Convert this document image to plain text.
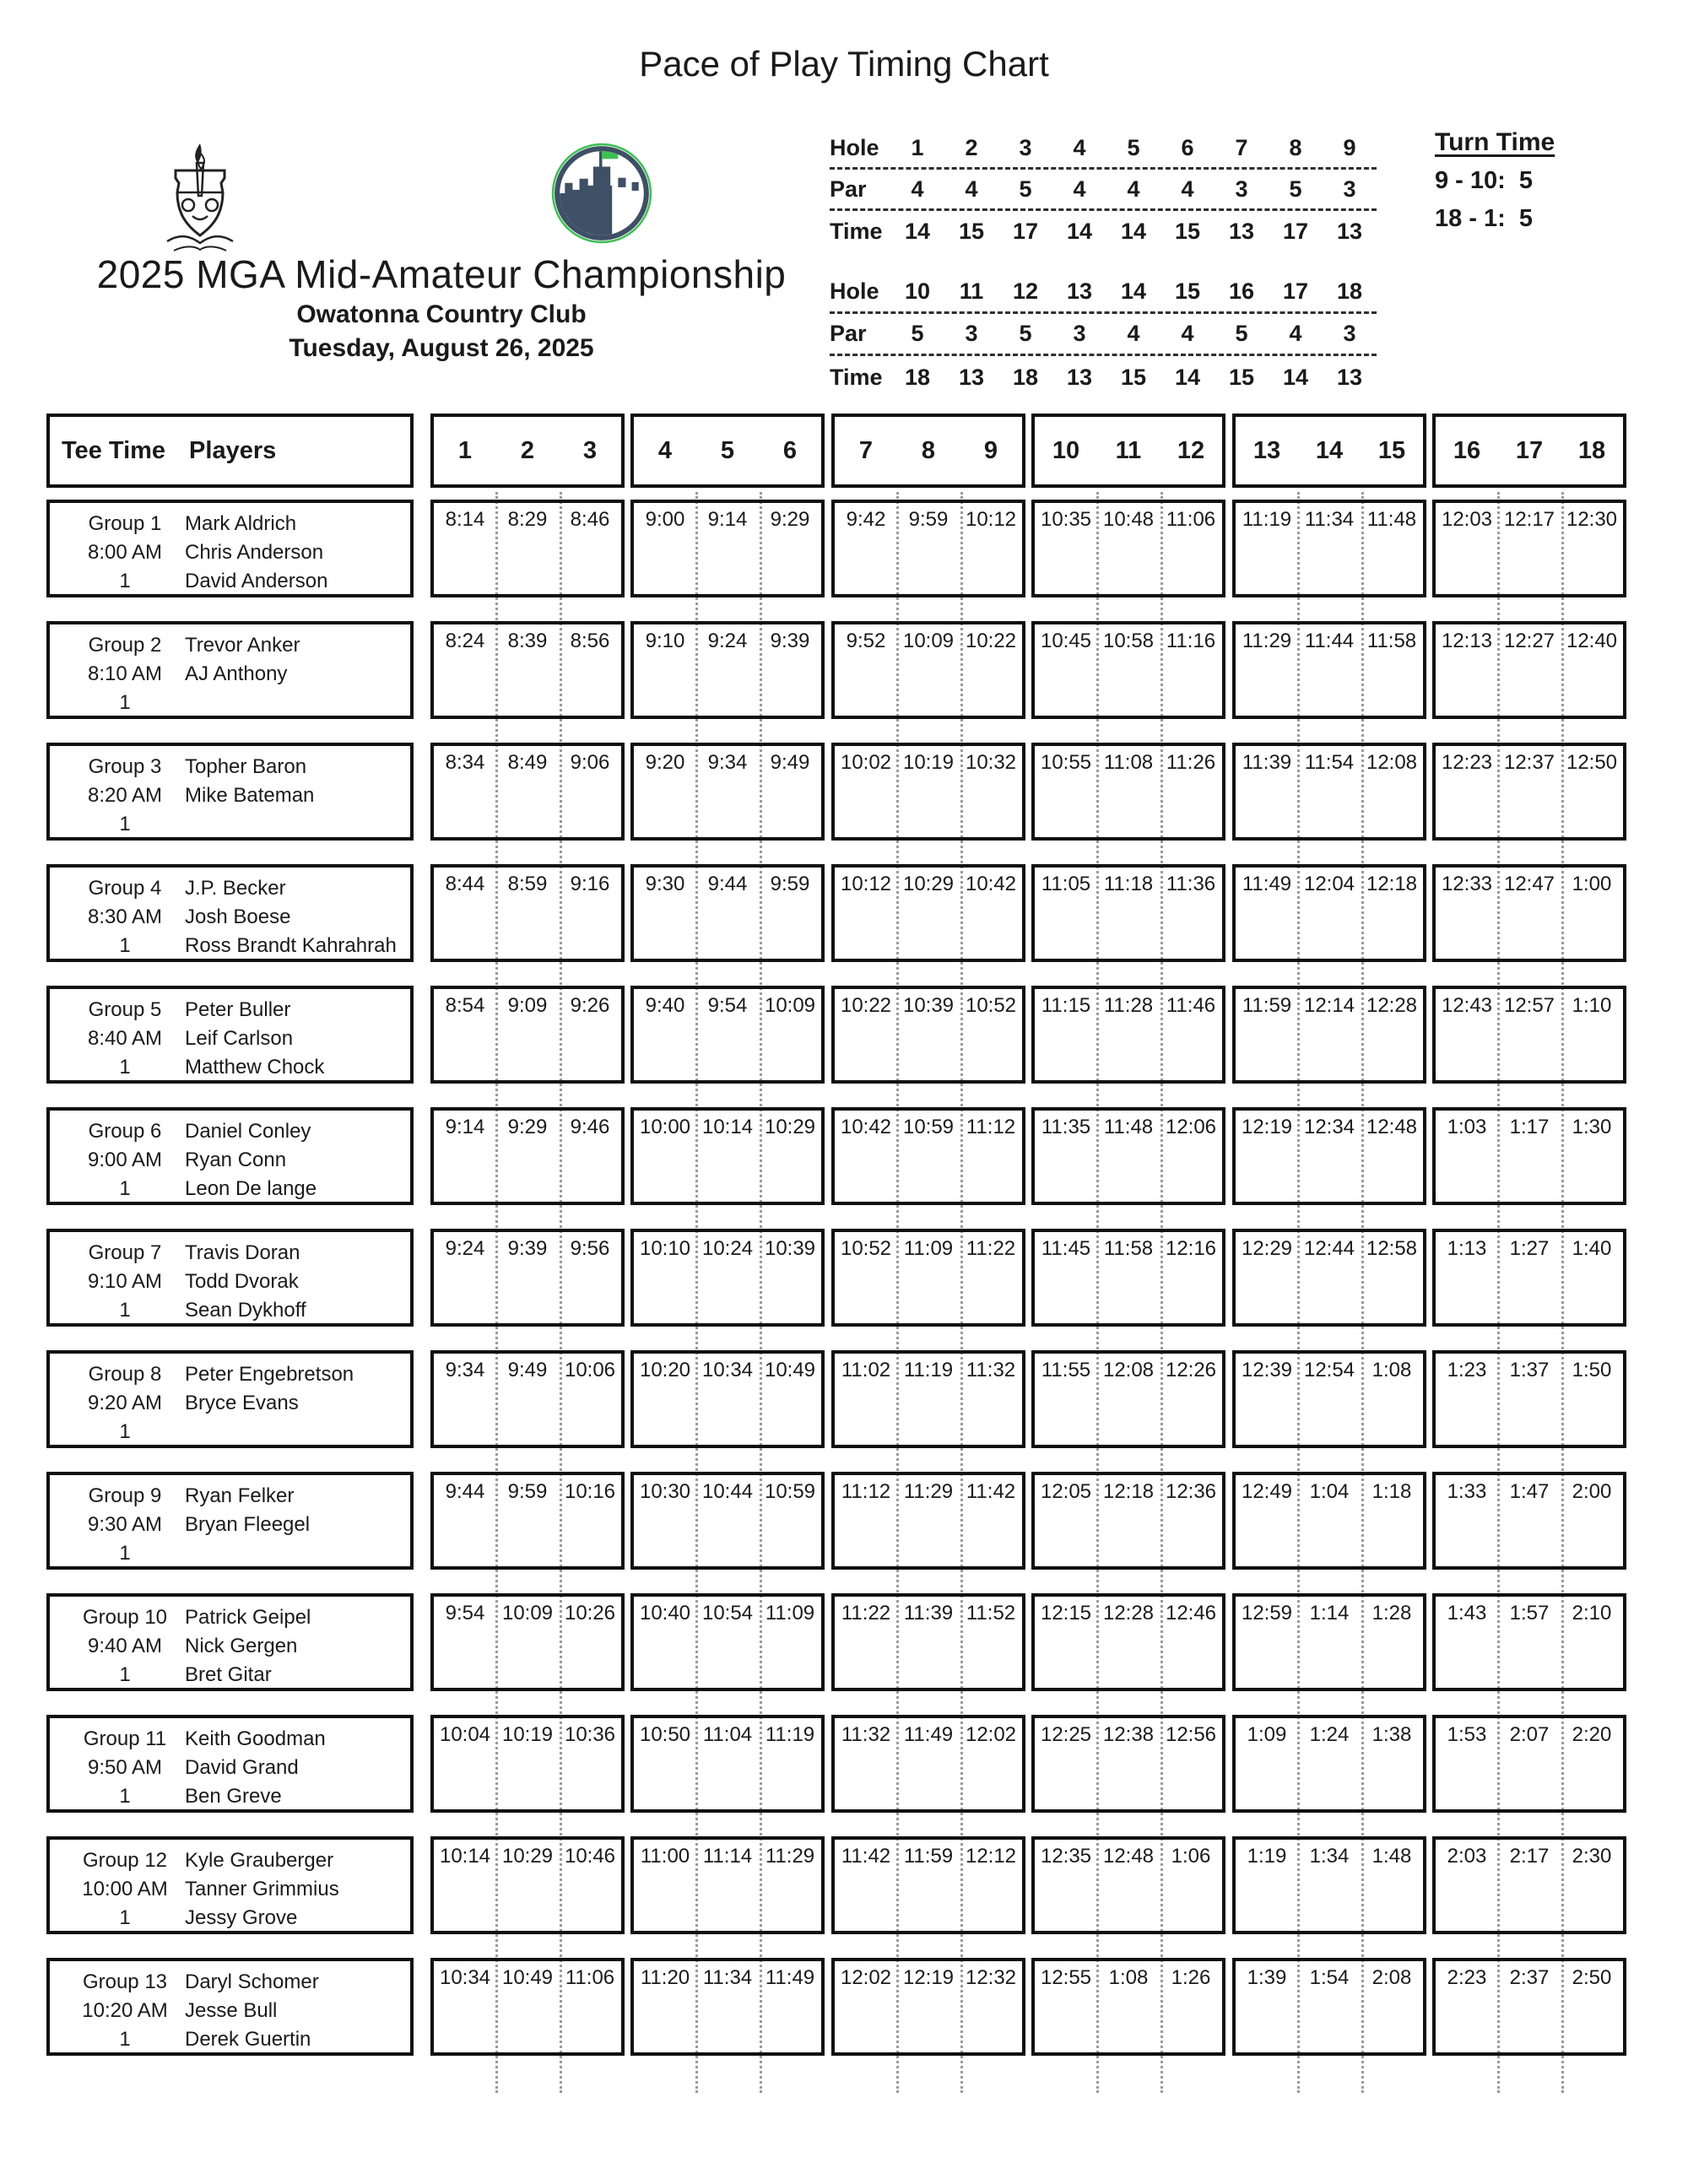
Pace of Play Timing Chart
2025 MGA Mid-Amateur Championship
Owatonna Country Club
Tuesday, August 26, 2025
Hole	1	2	3	4	5	6	7	8	9
Par	4	4	5	4	4	4	3	5	3
Time 14	15	17	14	14	15	13	17	13
Hole	10	11	12	13	14	15	16	17	18
Par	5	3	5	3	4	4	5	4	3
Time 18	13	18	13	15	14	15	14	13
Turn Time
9 - 10:  5
18 - 1:  5
Tee Time Players	1	2	3	4	5	6	7	8	9	10	11	12	13	14	15	16	17	18
Group 1
8:00 AM
1
Mark Aldrich
Chris Anderson
David Anderson
8:14	8:29	8:46	9:00	9:14	9:29	9:42	9:59 10:12 10:35 10:48 11:06	11:19 11:34 11:48	12:03 12:17 12:30
Group 2
8:10 AM
1
Trevor Anker
AJ Anthony
8:24	8:39	8:56	9:10	9:24	9:39	9:52 10:09 10:22 10:45 10:58 11:16	11:29 11:44 11:58	12:13 12:27 12:40
Group 3
8:20 AM
1
Topher Baron
Mike Bateman
8:34	8:49	9:06	9:20	9:34	9:49	10:02 10:19 10:32 10:55 11:08 11:26	11:39 11:54 12:08 12:23 12:37 12:50
Group 4
8:30 AM
1
J.P. Becker
Josh Boese
Ross Brandt Kahrahrah
8:44	8:59	9:16	9:30	9:44	9:59	10:12 10:29 10:42	11:05 11:18 11:36	11:49 12:04 12:18 12:33 12:47 1:00
Group 5
8:40 AM
1
Peter Buller
Leif Carlson
Matthew Chock
8:54	9:09	9:26	9:40	9:54 10:09 10:22 10:39 10:52	11:15 11:28 11:46	11:59 12:14 12:28 12:43 12:57 1:10
Group 6
9:00 AM
1
Daniel Conley
Ryan Conn
Leon De lange
9:14	9:29	9:46	10:00 10:14 10:29 10:42 10:59 11:12	11:35 11:48 12:06 12:19 12:34 12:48	1:03	1:17	1:30
Group 7
9:10 AM
1
Travis Doran
Todd Dvorak
Sean Dykhoff
9:24	9:39	9:56	10:10 10:24 10:39 10:52 11:09 11:22	11:45 11:58 12:16 12:29 12:44 12:58	1:13	1:27	1:40
Group 8
9:20 AM
1
Peter Engebretson
Bryce Evans
9:34	9:49 10:06 10:20 10:34 10:49	11:02 11:19 11:32	11:55 12:08 12:26 12:39 12:54 1:08	1:23	1:37	1:50
Group 9
9:30 AM
1
Ryan Felker
Bryan Fleegel
9:44	9:59 10:16 10:30 10:44 10:59	11:12 11:29 11:42	12:05 12:18 12:36 12:49 1:04	1:18	1:33	1:47	2:00
Group 10
9:40 AM
1
Patrick Geipel
Nick Gergen
Bret Gitar
9:54 10:09 10:26 10:40 10:54 11:09	11:22 11:39 11:52	12:15 12:28 12:46 12:59 1:14	1:28	1:43	1:57	2:10
Group 11
9:50 AM
1
Keith Goodman
David Grand
Ben Greve
10:04 10:19 10:36 10:50 11:04 11:19	11:32 11:49 12:02 12:25 12:38 12:56	1:09	1:24	1:38	1:53	2:07	2:20
Group 12
10:00 AM
1
Kyle Grauberger
Tanner Grimmius
Jessy Grove
10:14 10:29 10:46	11:00 11:14 11:29	11:42 11:59 12:12 12:35 12:48 1:06	1:19	1:34	1:48	2:03	2:17	2:30
Group 13
10:20 AM
1
Daryl Schomer
Jesse Bull
Derek Guertin
10:34 10:49 11:06	11:20 11:34 11:49	12:02 12:19 12:32 12:55 1:08	1:26	1:39	1:54	2:08	2:23	2:37	2:50
